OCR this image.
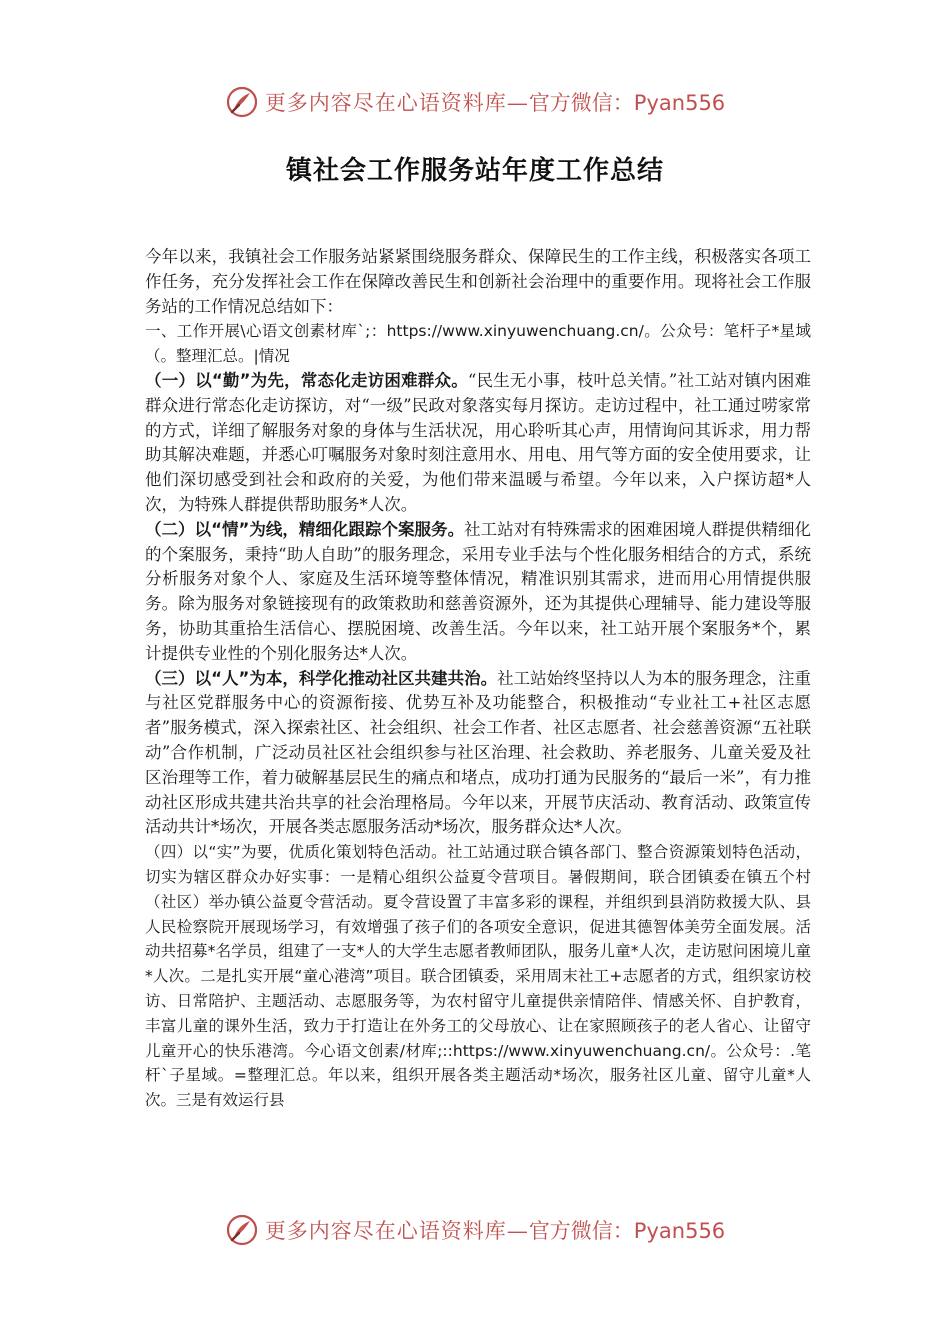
更多内容尽在心语资料库—官方微信：Pyan556
镇社会工作服务站年度工作总结

今年以来，我镇社会工作服务站紧紧围绕服务群众、保障民生的工作主线，积极落实各项工作任务，充分发挥社会工作在保障改善民生和创新社会治理中的重要作用。现将社会工作服务站的工作情况总结如下：

一、工作开展\心语文创素材库`;：https://www.xinyuwenchuang.cn/。公众号：笔杆子*星域（。整理汇总。|情况

（一）以“勤”为先，常态化走访困难群众。“民生无小事，枝叶总关情。”社工站对镇内困难群众进行常态化走访探访，对“一级”民政对象落实每月探访。走访过程中，社工通过唠家常的方式，详细了解服务对象的身体与生活状况，用心聆听其心声，用情询问其诉求，用力帮助其解决难题，并悉心叮嘱服务对象时刻注意用水、用电、用气等方面的安全使用要求，让他们深切感受到社会和政府的关爱，为他们带来温暖与希望。今年以来，入户探访超*人次，为特殊人群提供帮助服务*人次。

（二）以“情”为线，精细化跟踪个案服务。社工站对有特殊需求的困难困境人群提供精细化的个案服务，秉持“助人自助”的服务理念，采用专业手法与个性化服务相结合的方式，系统分析服务对象个人、家庭及生活环境等整体情况，精准识别其需求，进而用心用情提供服务。除为服务对象链接现有的政策救助和慈善资源外，还为其提供心理辅导、能力建设等服务，协助其重拾生活信心、摆脱困境、改善生活。今年以来，社工站开展个案服务*个，累计提供专业性的个别化服务达*人次。

（三）以“人”为本，科学化推动社区共建共治。社工站始终坚持以人为本的服务理念，注重与社区党群服务中心的资源衔接、优势互补及功能整合，积极推动“专业社工+社区志愿者”服务模式，深入探索社区、社会组织、社会工作者、社区志愿者、社会慈善资源“五社联动”合作机制，广泛动员社区社会组织参与社区治理、社会救助、养老服务、儿童关爱及社区治理等工作，着力破解基层民生的痛点和堵点，成功打通为民服务的“最后一米”，有力推动社区形成共建共治共享的社会治理格局。今年以来，开展节庆活动、教育活动、政策宣传活动共计*场次，开展各类志愿服务活动*场次，服务群众达*人次。

（四）以“实”为要，优质化策划特色活动。社工站通过联合镇各部门、整合资源策划特色活动，切实为辖区群众办好实事：一是精心组织公益夏令营项目。暑假期间，联合团镇委在镇五个村（社区）举办镇公益夏令营活动。夏令营设置了丰富多彩的课程，并组织到县消防救援大队、县人民检察院开展现场学习，有效增强了孩子们的各项安全意识，促进其德智体美劳全面发展。活动共招募*名学员，组建了一支*人的大学生志愿者教师团队，服务儿童*人次，走访慰问困境儿童*人次。二是扎实开展“童心港湾”项目。联合团镇委，采用周末社工+志愿者的方式，组织家访校访、日常陪护、主题活动、志愿服务等，为农村留守儿童提供亲情陪伴、情感关怀、自护教育，丰富儿童的课外生活，致力于打造让在外务工的父母放心、让在家照顾孩子的老人省心、让留守儿童开心的快乐港湾。今心语文创素/材库;::https://www.xinyuwenchuang.cn/。公众号：.笔杆`子星域。=整理汇总。年以来，组织开展各类主题活动*场次，服务社区儿童、留守儿童*人次。三是有效运行县

更多内容尽在心语资料库—官方微信：Pyan556
